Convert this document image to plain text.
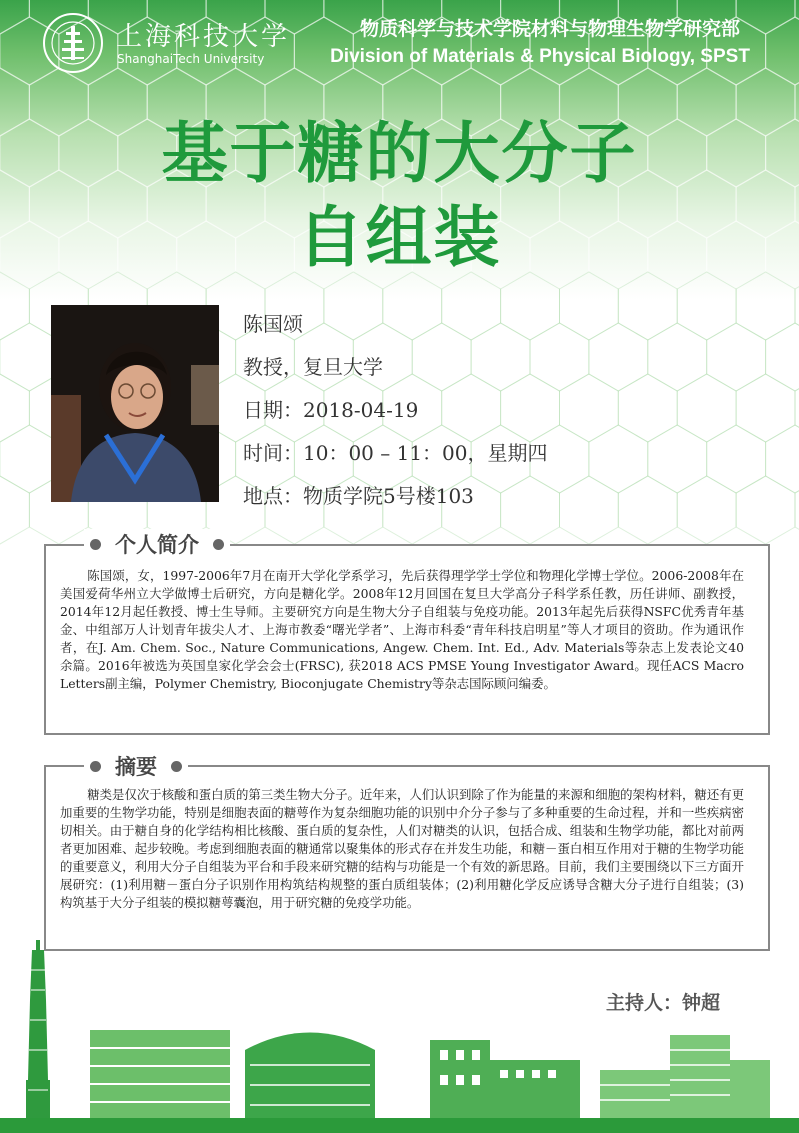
上海科技大学
ShanghaiTech University
物质科学与技术学院材料与物理生物学研究部
Division of Materials & Physical Biology, SPST
基于糖的大分子
自组装
陈国颂
教授，复旦大学
日期：2018-04-19
时间：10：00 – 11：00，星期四
地点：物质学院5号楼103
个人简介

陈国颂，女，1997-2006年7月在南开大学化学系学习，先后获得理学学士学位和物理化学博士学位。2006-2008年在美国爱荷华州立大学做博士后研究，方向是糖化学。2008年12月回国在复旦大学高分子科学系任教，历任讲师、副教授，2014年12月起任教授、博士生导师。主要研究方向是生物大分子自组装与免疫功能。2013年起先后获得NSFC优秀青年基金、中组部万人计划青年拔尖人才、上海市教委“曙光学者”、上海市科委“青年科技启明星”等人才项目的资助。作为通讯作者，在J. Am. Chem. Soc., Nature Communications, Angew. Chem. Int. Ed., Adv. Materials等杂志上发表论文40余篇。2016年被选为英国皇家化学会会士(FRSC), 获2018 ACS PMSE Young Investigator Award。现任ACS Macro Letters副主编，Polymer Chemistry, Bioconjugate Chemistry等杂志国际顾问编委。

摘要

糖类是仅次于核酸和蛋白质的第三类生物大分子。近年来，人们认识到除了作为能量的来源和细胞的架构材料，糖还有更加重要的生物学功能，特别是细胞表面的糖萼作为复杂细胞功能的识别中介分子参与了多种重要的生命过程，并和一些疾病密切相关。由于糖自身的化学结构相比核酸、蛋白质的复杂性，人们对糖类的认识，包括合成、组装和生物学功能，都比对前两者更加困难、起步较晚。考虑到细胞表面的糖通常以聚集体的形式存在并发生功能，和糖－蛋白相互作用对于糖的生物学功能的重要意义，利用大分子自组装为平台和手段来研究糖的结构与功能是一个有效的新思路。目前，我们主要围绕以下三方面开展研究：(1)利用糖－蛋白分子识别作用构筑结构规整的蛋白质组装体；(2)利用糖化学反应诱导含糖大分子进行自组装；(3)构筑基于大分子组装的模拟糖萼囊泡，用于研究糖的免疫学功能。

主持人：钟超
